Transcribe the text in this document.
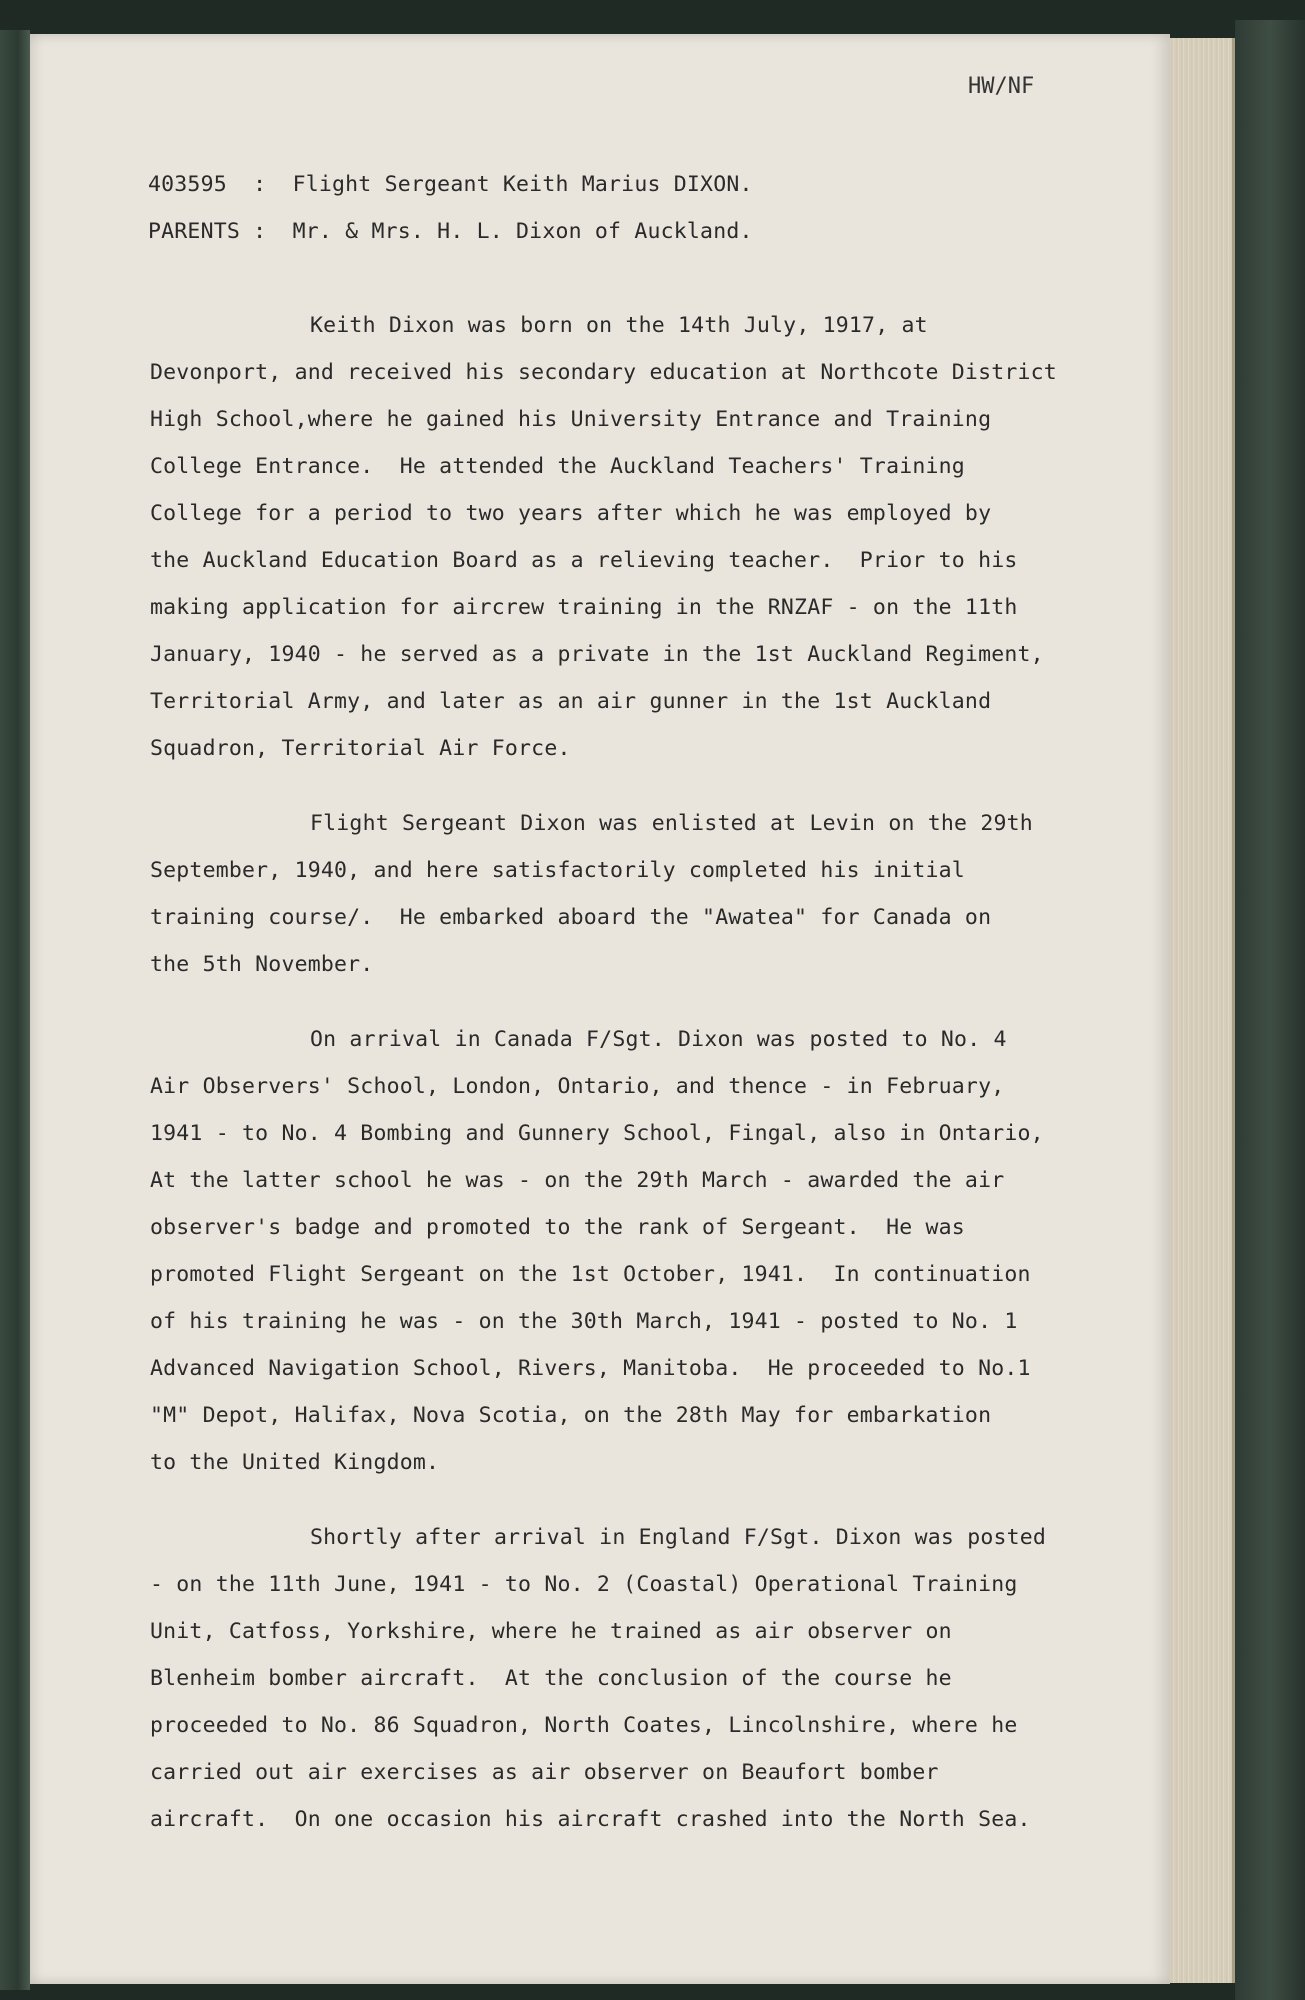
HW/NF
403595  :  Flight Sergeant Keith Marius DIXON.
PARENTS :  Mr. & Mrs. H. L. Dixon of Auckland.
Keith Dixon was born on the 14th July, 1917, at
Devonport, and received his secondary education at Northcote District
High School,where he gained his University Entrance and Training
College Entrance.  He attended the Auckland Teachers' Training
College for a period to two years after which he was employed by
the Auckland Education Board as a relieving teacher.  Prior to his
making application for aircrew training in the RNZAF - on the 11th
January, 1940 - he served as a private in the 1st Auckland Regiment,
Territorial Army, and later as an air gunner in the 1st Auckland
Squadron, Territorial Air Force.
Flight Sergeant Dixon was enlisted at Levin on the 29th
September, 1940, and here satisfactorily completed his initial
training course/.  He embarked aboard the "Awatea" for Canada on
the 5th November.
On arrival in Canada F/Sgt. Dixon was posted to No. 4
Air Observers' School, London, Ontario, and thence - in February,
1941 - to No. 4 Bombing and Gunnery School, Fingal, also in Ontario,
At the latter school he was - on the 29th March - awarded the air
observer's badge and promoted to the rank of Sergeant.  He was
promoted Flight Sergeant on the 1st October, 1941.  In continuation
of his training he was - on the 30th March, 1941 - posted to No. 1
Advanced Navigation School, Rivers, Manitoba.  He proceeded to No.1
"M" Depot, Halifax, Nova Scotia, on the 28th May for embarkation
to the United Kingdom.
Shortly after arrival in England F/Sgt. Dixon was posted
- on the 11th June, 1941 - to No. 2 (Coastal) Operational Training
Unit, Catfoss, Yorkshire, where he trained as air observer on
Blenheim bomber aircraft.  At the conclusion of the course he
proceeded to No. 86 Squadron, North Coates, Lincolnshire, where he
carried out air exercises as air observer on Beaufort bomber
aircraft.  On one occasion his aircraft crashed into the North Sea.
